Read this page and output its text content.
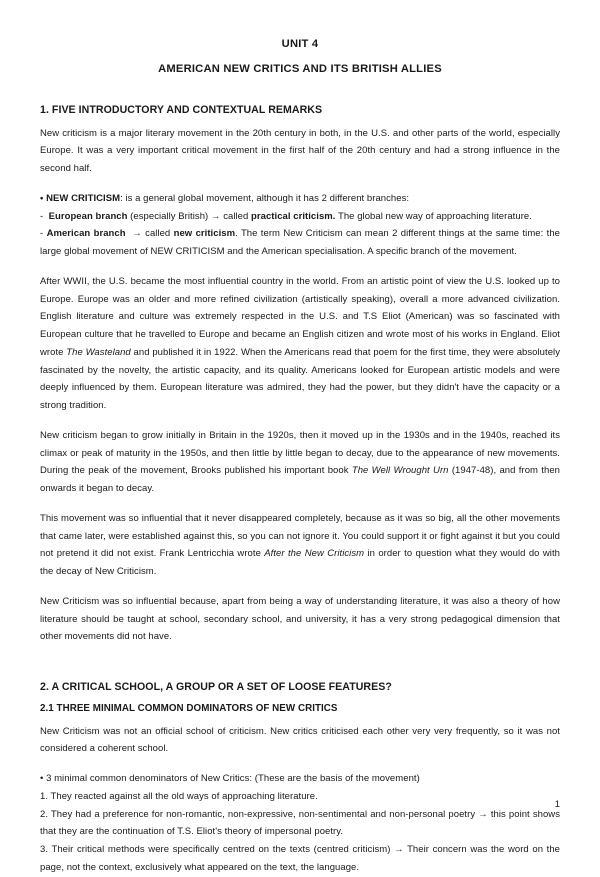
UNIT 4
AMERICAN NEW CRITICS AND ITS BRITISH ALLIES
1. FIVE INTRODUCTORY AND CONTEXTUAL REMARKS

New criticism is a major literary movement in the 20th century in both, in the U.S. and other parts of the world, especially Europe. It was a very important critical movement in the first half of the 20th century and had a strong influence in the second half.

• NEW CRITICISM: is a general global movement, although it has 2 different branches:

- European branch (especially British) → called practical criticism. The global new way of approaching literature.

- American branch → called new criticism. The term New Criticism can mean 2 different things at the same time: the large global movement of NEW CRITICISM and the American specialisation. A specific branch of the movement.

After WWII, the U.S. became the most influential country in the world. From an artistic point of view the U.S. looked up to Europe. Europe was an older and more refined civilization (artistically speaking), overall a more advanced civilization. English literature and culture was extremely respected in the U.S. and T.S Eliot (American) was so fascinated with European culture that he travelled to Europe and became an English citizen and wrote most of his works in England. Eliot wrote The Wasteland and published it in 1922. When the Americans read that poem for the first time, they were absolutely fascinated by the novelty, the artistic capacity, and its quality. Americans looked for European artistic models and were deeply influenced by them. European literature was admired, they had the power, but they didn't have the capacity or a strong tradition.

New criticism began to grow initially in Britain in the 1920s, then it moved up in the 1930s and in the 1940s, reached its climax or peak of maturity in the 1950s, and then little by little began to decay, due to the appearance of new movements. During the peak of the movement, Brooks published his important book The Well Wrought Urn (1947-48), and from then onwards it began to decay.

This movement was so influential that it never disappeared completely, because as it was so big, all the other movements that came later, were established against this, so you can not ignore it. You could support it or fight against it but you could not pretend it did not exist. Frank Lentricchia wrote After the New Criticism in order to question what they would do with the decay of New Criticism.

New Criticism was so influential because, apart from being a way of understanding literature, it was also a theory of how literature should be taught at school, secondary school, and university, it has a very strong pedagogical dimension that other movements did not have.

2. A CRITICAL SCHOOL, A GROUP OR A SET OF LOOSE FEATURES?
2.1 THREE MINIMAL COMMON DOMINATORS OF NEW CRITICS

New Criticism was not an official school of criticism. New critics criticised each other very very frequently, so it was not considered a coherent school.

• 3 minimal common denominators of New Critics: (These are the basis of the movement)

1. They reacted against all the old ways of approaching literature.

2. They had a preference for non-romantic, non-expressive, non-sentimental and non-personal poetry → this point shows that they are the continuation of T.S. Eliot's theory of impersonal poetry.

3. Their critical methods were specifically centred on the texts (centred criticism) → Their concern was the word on the page, not the context, exclusively what appeared on the text, the language.

1
